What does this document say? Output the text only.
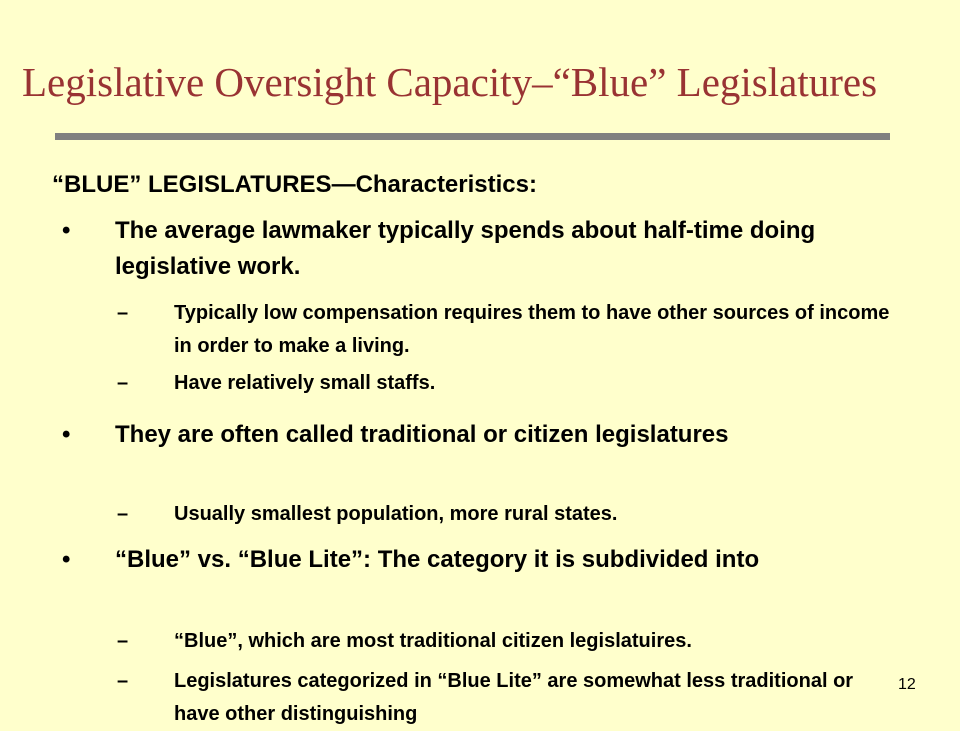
Legislative Oversight Capacity–“Blue” Legislatures
“BLUE” LEGISLATURES—Characteristics:
•	The average lawmaker typically spends about half-time doing legislative work.
–	Typically low compensation requires them to have other sources of income in order to make a living.
–	Have relatively small staffs.
•	They are often called traditional or citizen legislatures
–	Usually smallest population, more rural states.
•	“Blue” vs. “Blue Lite”: The category it is subdivided into
–	“Blue”, which are most traditional citizen legislatuires.
–	Legislatures categorized in “Blue Lite” are somewhat less traditional or have other distinguishing
12
